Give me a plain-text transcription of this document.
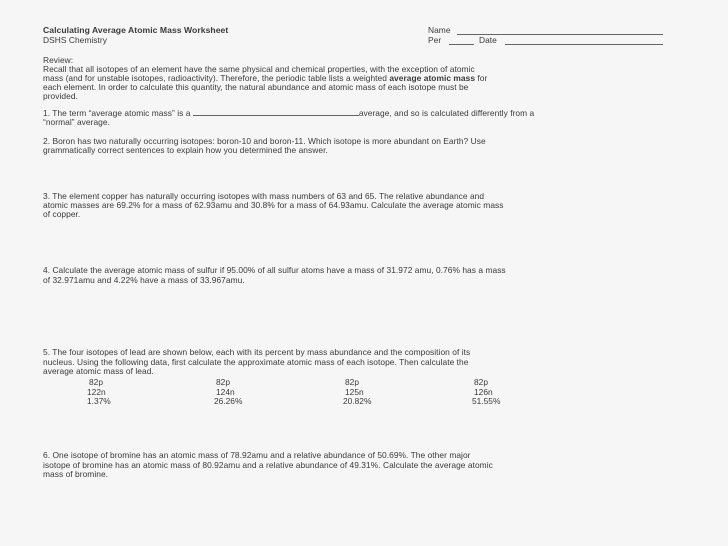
Calculating Average Atomic Mass Worksheet
DSHS Chemistry
Name
Per	Date
Review:
Recall that all isotopes of an element have the same physical and chemical properties, with the exception of atomic
mass (and for unstable isotopes, radioactivity). Therefore, the periodic table lists a weighted average atomic mass for
each element. In order to calculate this quantity, the natural abundance and atomic mass of each isotope must be
provided.
1. The term “average atomic mass” is a	average, and so is calculated differently from a
“normal” average.
2. Boron has two naturally occurring isotopes: boron-10 and boron-11. Which isotope is more abundant on Earth? Use
grammatically correct sentences to explain how you determined the answer.
3. The element copper has naturally occurring isotopes with mass numbers of 63 and 65. The relative abundance and
atomic masses are 69.2% for a mass of 62.93amu and 30.8% for a mass of 64.93amu. Calculate the average atomic mass
of copper.
4. Calculate the average atomic mass of sulfur if 95.00% of all sulfur atoms have a mass of 31.972 amu, 0.76% has a mass
of 32.971amu and 4.22% have a mass of 33.967amu.
5. The four isotopes of lead are shown below, each with its percent by mass abundance and the composition of its
nucleus. Using the following data, first calculate the approximate atomic mass of each isotope. Then calculate the
average atomic mass of lead.
82p
122n
1.37%
82p
124n
26.26%
82p
125n
20.82%
82p
126n
51.55%
6. One isotope of bromine has an atomic mass of 78.92amu and a relative abundance of 50.69%. The other major
isotope of bromine has an atomic mass of 80.92amu and a relative abundance of 49.31%. Calculate the average atomic
mass of bromine.
